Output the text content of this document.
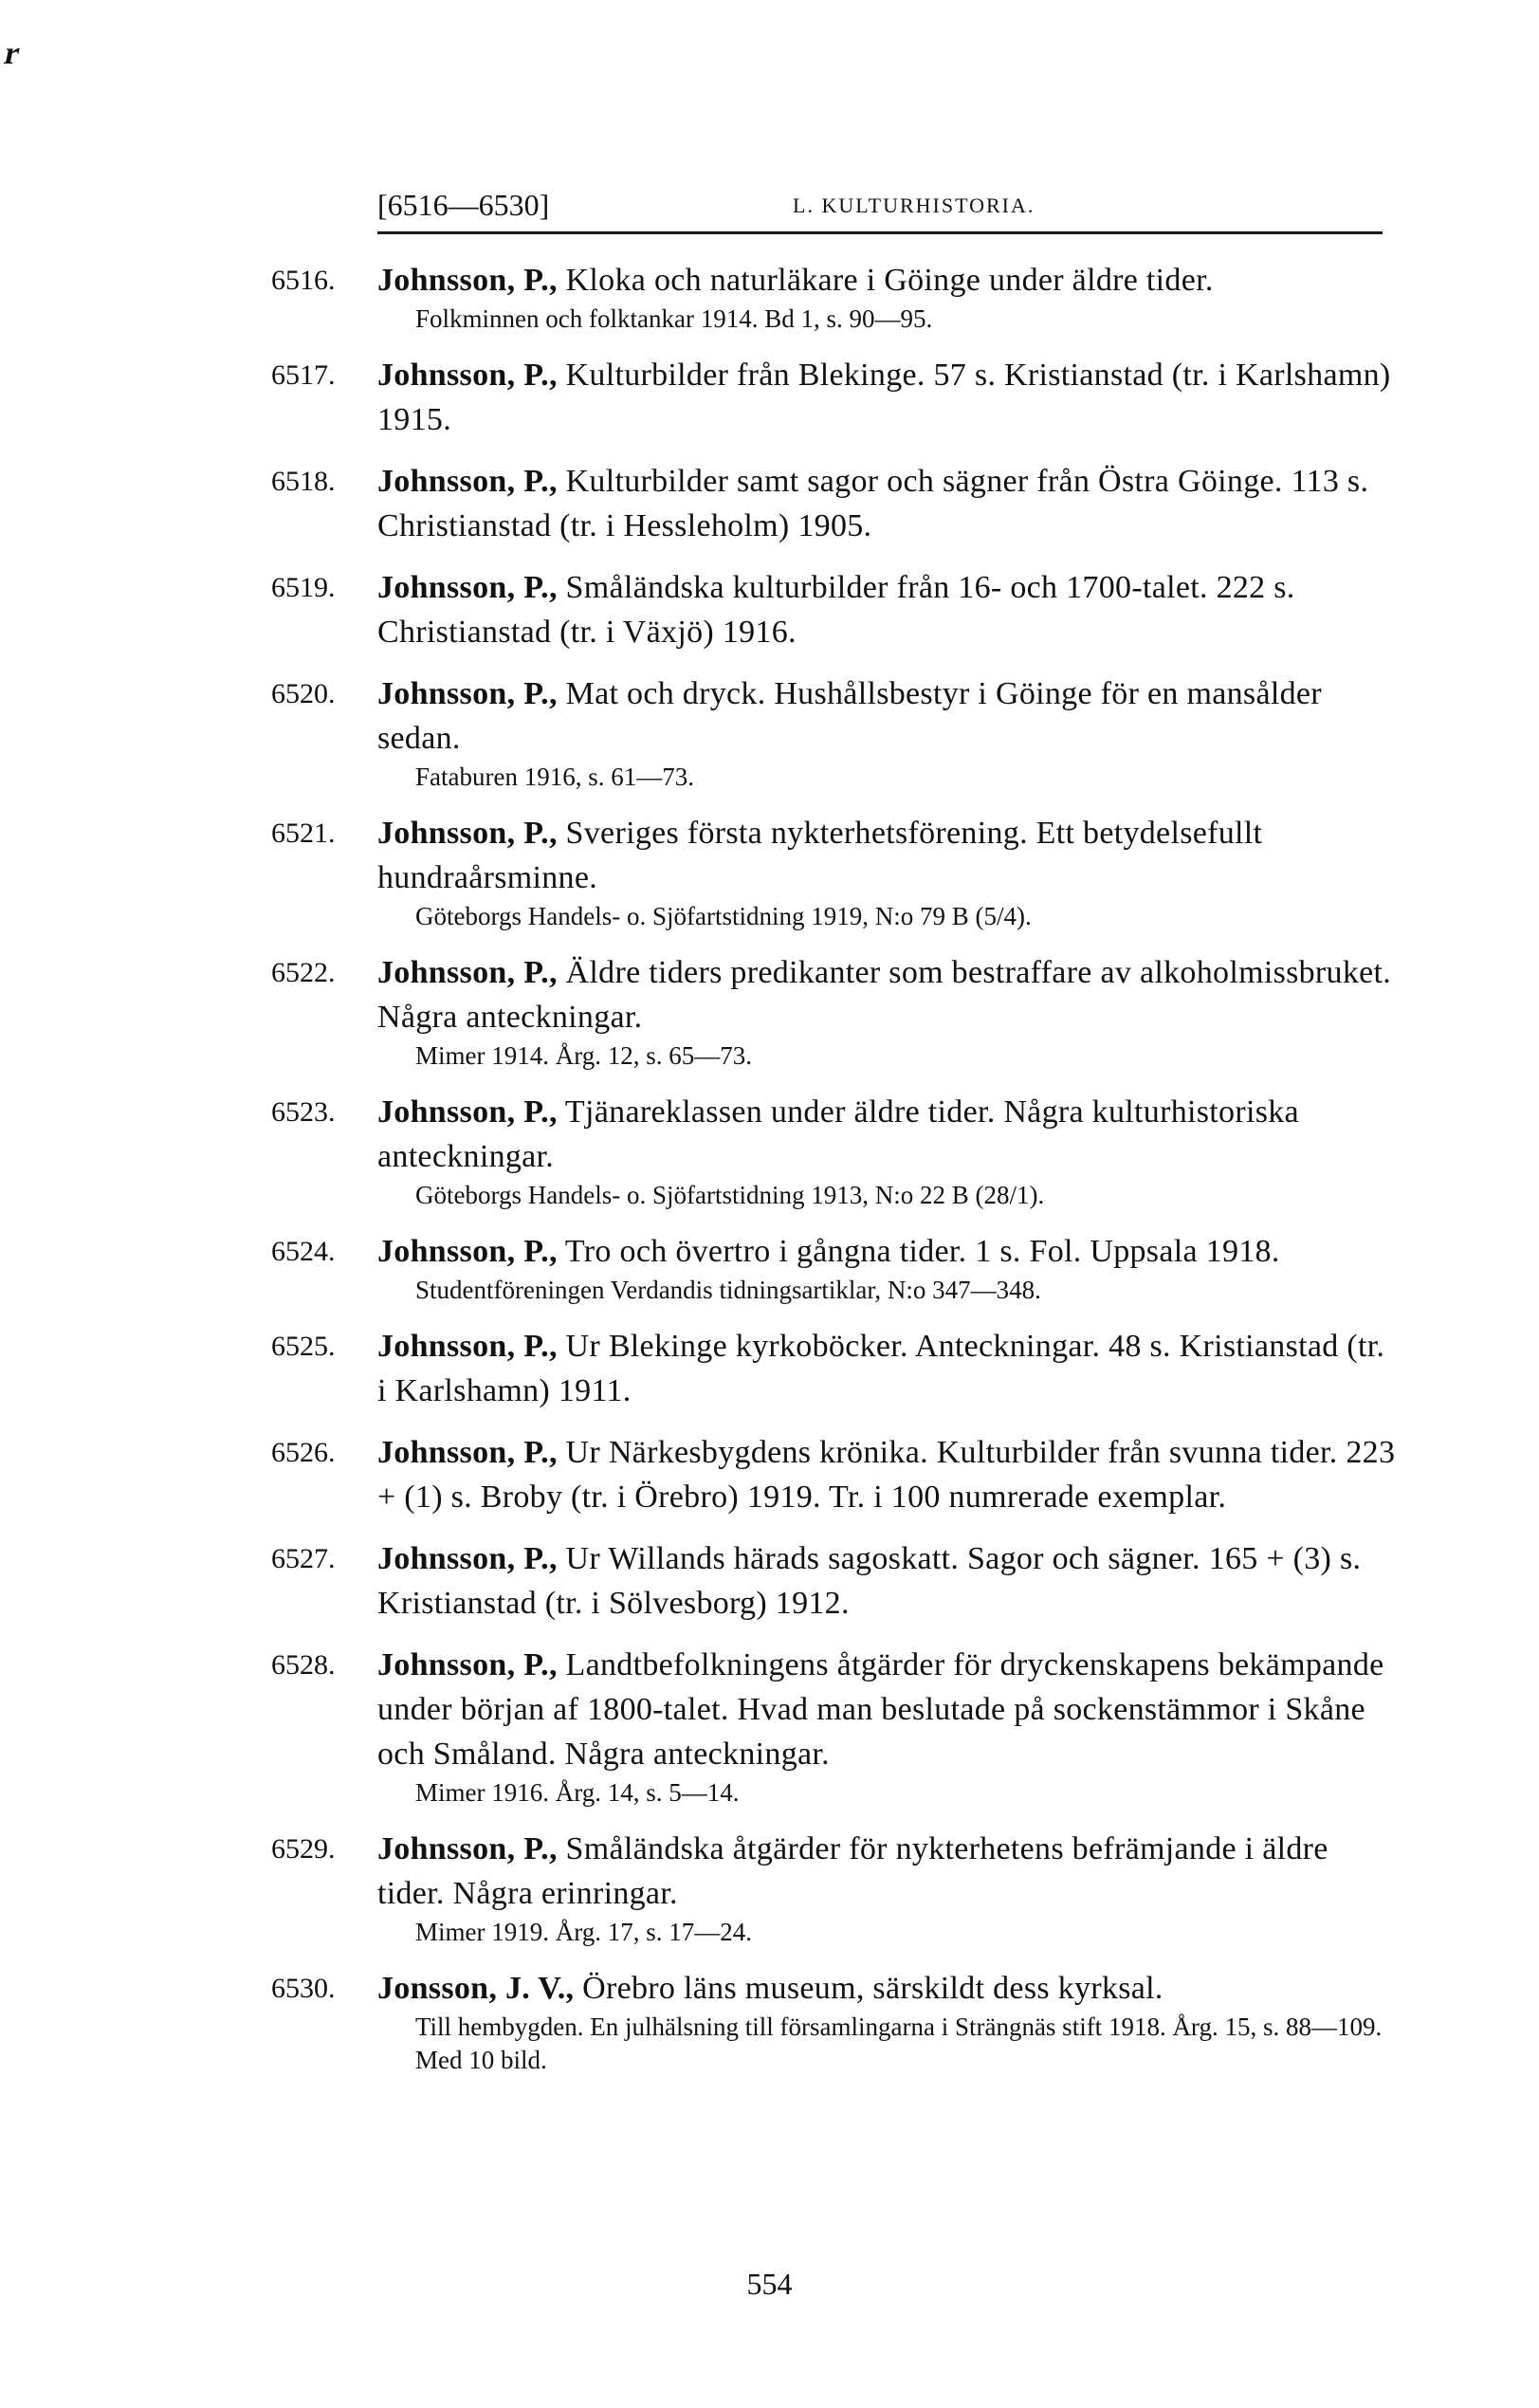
r
[6516—6530]	L. KULTURHISTORIA.
6516. Johnsson, P., Kloka och naturläkare i Göinge under äldre tider.
Folkminnen och folktankar 1914. Bd 1, s. 90—95.
6517. Johnsson, P., Kulturbilder från Blekinge. 57 s. Kristianstad (tr. i Karlshamn) 1915.
6518. Johnsson, P., Kulturbilder samt sagor och sägner från Östra Göinge. 113 s. Christianstad (tr. i Hessleholm) 1905.
6519. Johnsson, P., Småländska kulturbilder från 16- och 1700-talet. 222 s. Christianstad (tr. i Växjö) 1916.
6520. Johnsson, P., Mat och dryck. Hushållsbestyr i Göinge för en mansålder sedan.
Fataburen 1916, s. 61—73.
6521. Johnsson, P., Sveriges första nykterhetsförening. Ett betydelsefullt hundraårsminne.
Göteborgs Handels- o. Sjöfartstidning 1919, N:o 79 B (5/4).
6522. Johnsson, P., Äldre tiders predikanter som bestraffare av alkoholmissbruket. Några anteckningar.
Mimer 1914. Årg. 12, s. 65—73.
6523. Johnsson, P., Tjänareklassen under äldre tider. Några kulturhistoriska anteckningar.
Göteborgs Handels- o. Sjöfartstidning 1913, N:o 22 B (28/1).
6524. Johnsson, P., Tro och övertro i gångna tider. 1 s. Fol. Uppsala 1918.
Studentföreningen Verdandis tidningsartiklar, N:o 347—348.
6525. Johnsson, P., Ur Blekinge kyrkoböcker. Anteckningar. 48 s. Kristianstad (tr. i Karlshamn) 1911.
6526. Johnsson, P., Ur Närkesbygdens krönika. Kulturbilder från svunna tider. 223 + (1) s. Broby (tr. i Örebro) 1919. Tr. i 100 numrerade exemplar.
6527. Johnsson, P., Ur Willands härads sagoskatt. Sagor och sägner. 165 + (3) s. Kristianstad (tr. i Sölvesborg) 1912.
6528. Johnsson, P., Landtbefolkningens åtgärder för dryckenskapens bekämpande under början af 1800-talet. Hvad man beslutade på sockenstämmor i Skåne och Småland. Några anteckningar.
Mimer 1916. Årg. 14, s. 5—14.
6529. Johnsson, P., Småländska åtgärder för nykterhetens befrämjande i äldre tider. Några erinringar.
Mimer 1919. Årg. 17, s. 17—24.
6530. Jonsson, J. V., Örebro läns museum, särskildt dess kyrksal.
Till hembygden. En julhälsning till församlingarna i Strängnäs stift 1918. Årg. 15, s. 88—109. Med 10 bild.
554
